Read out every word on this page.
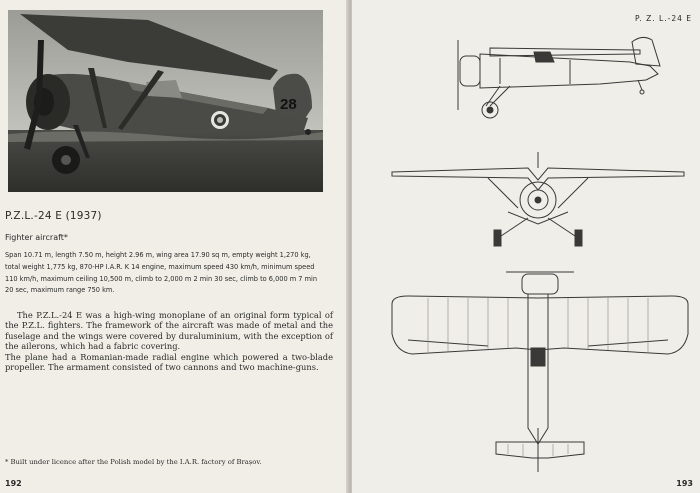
28
P.Z.L.-24 E (1937)
Fighter aircraft*
Span 10.71 m, length 7.50 m, height 2.96 m, wing area 17.90 sq m, empty weight 1,270 kg, total weight 1,775 kg, 870-HP I.A.R. K 14 engine, maximum speed 430 km/h, minimum speed 110 km/h, maximum ceiling 10,500 m, climb to 2,000 m 2 min 30 sec, climb to 6,000 m 7 min 20 sec, maximum range 750 km.

The P.Z.L.-24 E was a high-wing monoplane of an original form typical of the P.Z.L. fighters. The framework of the aircraft was made of metal and the fuselage and the wings were covered by duraluminium, with the exception of the ailerons, which had a fabric covering.

The plane had a Romanian-made radial engine which powered a two-blade propeller. The armament consisted of two cannons and two machine-guns.

* Built under licence after the Polish model by the I.A.R. factory of Brașov.
192
P. Z. L.-24 E
193
